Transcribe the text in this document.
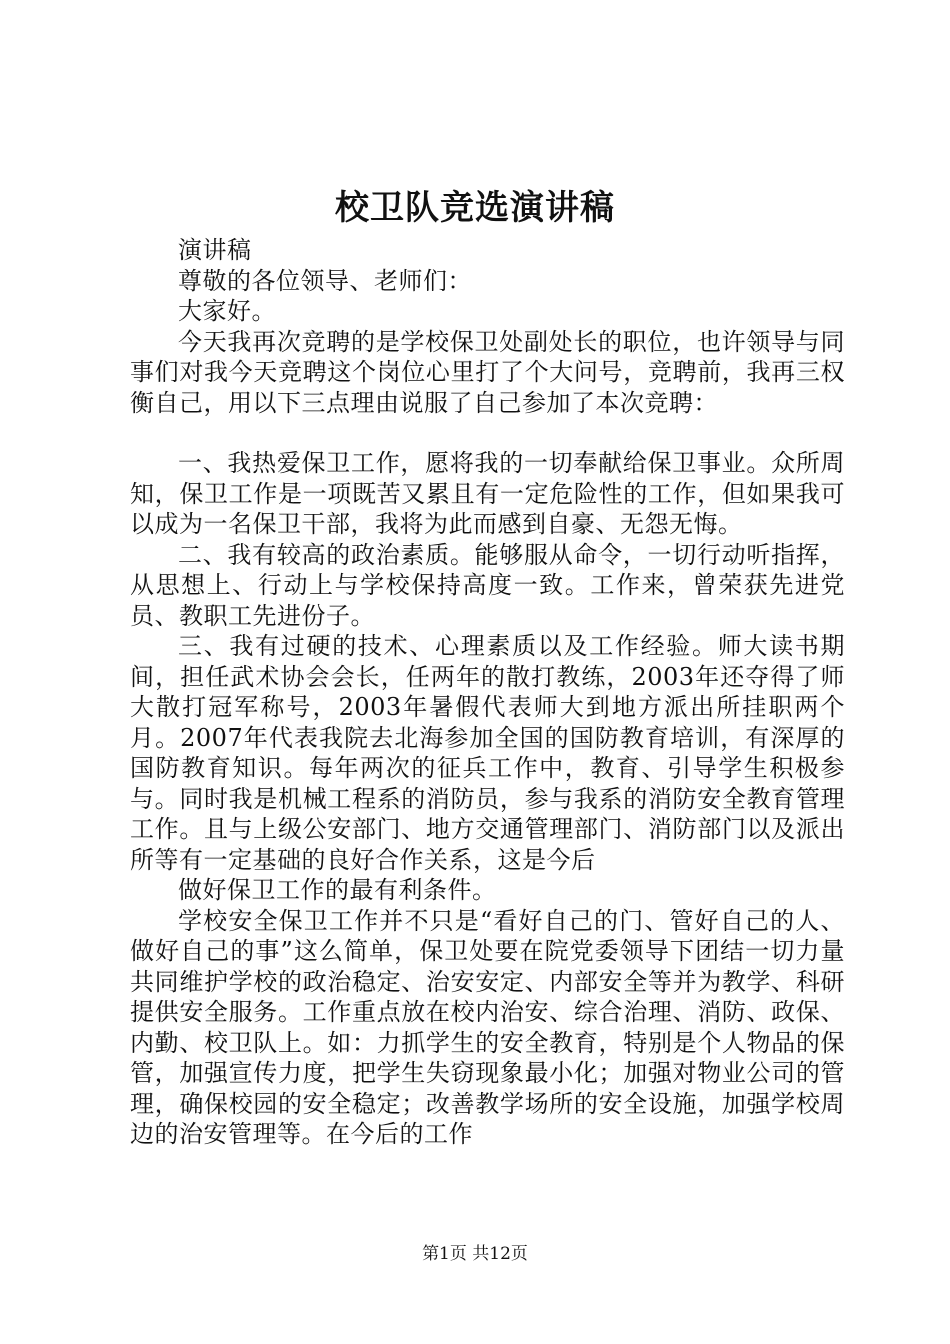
校卫队竞选演讲稿

演讲稿

尊敬的各位领导、老师们：

大家好。

今天我再次竞聘的是学校保卫处副处长的职位，也许领导与同事们对我今天竞聘这个岗位心里打了个大问号，竞聘前，我再三权衡自己，用以下三点理由说服了自己参加了本次竞聘：

一、我热爱保卫工作，愿将我的一切奉献给保卫事业。众所周知，保卫工作是一项既苦又累且有一定危险性的工作，但如果我可以成为一名保卫干部，我将为此而感到自豪、无怨无悔。

二、我有较高的政治素质。能够服从命令，一切行动听指挥，从思想上、行动上与学校保持高度一致。工作来，曾荣获先进党员、教职工先进份子。

三、我有过硬的技术、心理素质以及工作经验。师大读书期间，担任武术协会会长，任两年的散打教练，2003年还夺得了师大散打冠军称号，2003年暑假代表师大到地方派出所挂职两个月。2007年代表我院去北海参加全国的国防教育培训，有深厚的国防教育知识。每年两次的征兵工作中，教育、引导学生积极参与。同时我是机械工程系的消防员，参与我系的消防安全教育管理工作。且与上级公安部门、地方交通管理部门、消防部门以及派出所等有一定基础的良好合作关系，这是今后

做好保卫工作的最有利条件。

学校安全保卫工作并不只是“看好自己的门、管好自己的人、做好自己的事”这么简单，保卫处要在院党委领导下团结一切力量共同维护学校的政治稳定、治安安定、内部安全等并为教学、科研提供安全服务。工作重点放在校内治安、综合治理、消防、政保、内勤、校卫队上。如：力抓学生的安全教育，特别是个人物品的保管，加强宣传力度，把学生失窃现象最小化；加强对物业公司的管理，确保校园的安全稳定；改善教学场所的安全设施，加强学校周边的治安管理等。在今后的工作

第1页 共12页
